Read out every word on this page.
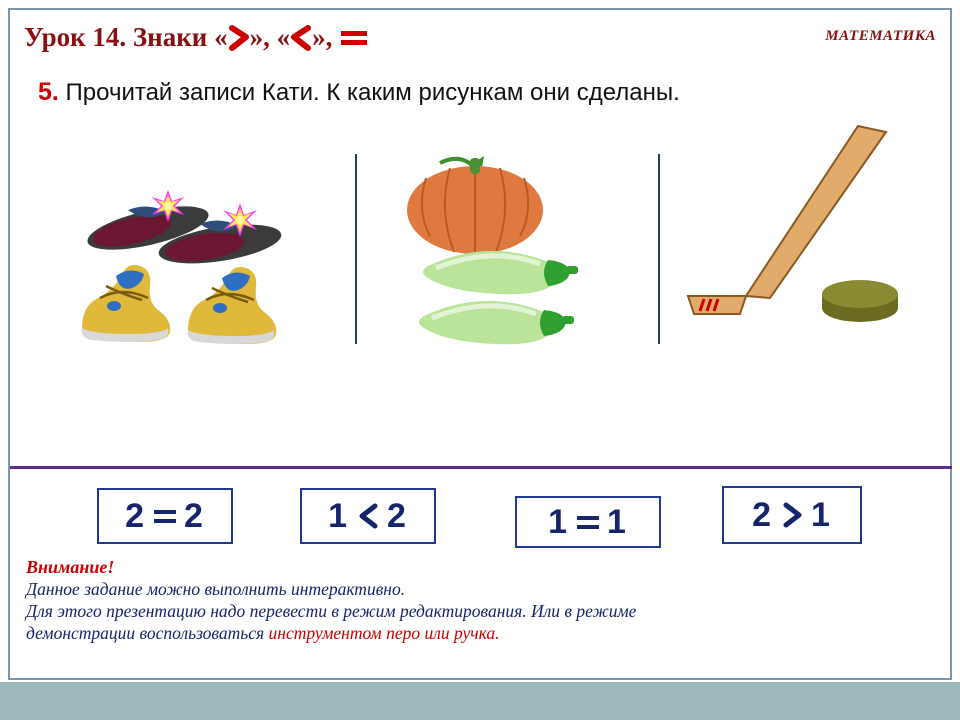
Урок 14. Знаки « », « »,	МАТЕМАТИКА
5. Прочитай записи Кати. К каким рисункам они сделаны.
2 2	1 2	1 1	2 1
Внимание!
Данное задание можно выполнить интерактивно.
Для этого презентацию надо перевести в режим редактирования. Или в режиме
демонстрации воспользоваться инструментом перо или ручка.
